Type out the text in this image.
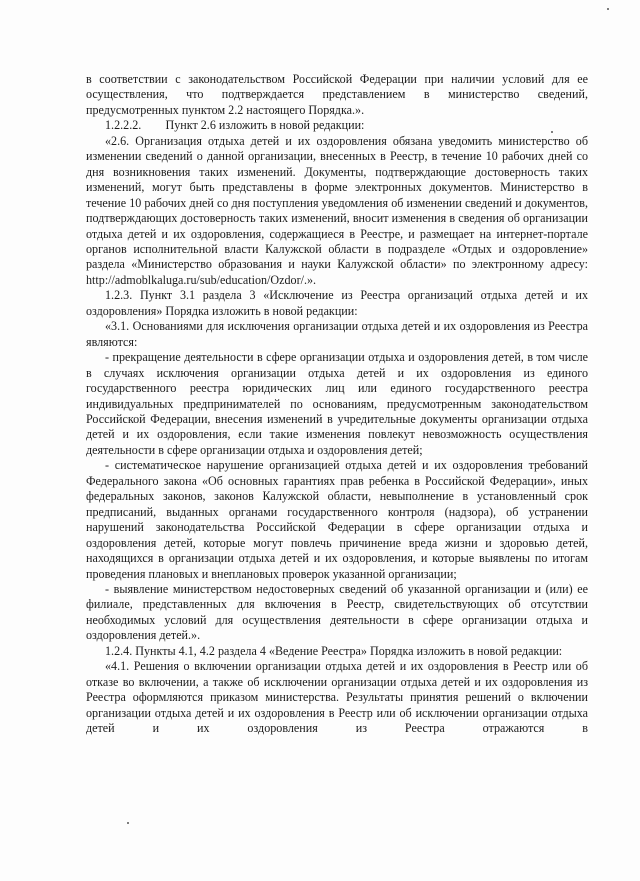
в соответствии с законодательством Российской Федерации при наличии условий для ее осуществления, что подтверждается представлением в министерство сведений, предусмотренных пунктом 2.2 настоящего Порядка.».

1.2.2.2.        Пункт 2.6 изложить в новой редакции:

«2.6. Организация отдыха детей и их оздоровления обязана уведомить министерство об изменении сведений о данной организации, внесенных в Реестр, в течение 10 рабочих дней со дня возникновения таких изменений. Документы, подтверждающие достоверность таких изменений, могут быть представлены в форме электронных документов. Министерство в течение 10 рабочих дней со дня поступления уведомления об изменении сведений и документов, подтверждающих достоверность таких изменений, вносит изменения в сведения об организации отдыха детей и их оздоровления, содержащиеся в Реестре, и размещает на интернет-портале органов исполнительной власти Калужской области в подразделе «Отдых и оздоровление» раздела «Министерство образования и науки Калужской области» по электронному адресу: http://admoblkaluga.ru/sub/education/Ozdor/.».

1.2.3. Пункт 3.1 раздела 3 «Исключение из Реестра организаций отдыха детей и их оздоровления» Порядка изложить в новой редакции:

«3.1. Основаниями для исключения организации отдыха детей и их оздоровления из Реестра являются:

- прекращение деятельности в сфере организации отдыха и оздоровления детей, в том числе в случаях исключения организации отдыха детей и их оздоровления из единого государственного реестра юридических лиц или единого государственного реестра индивидуальных предпринимателей по основаниям, предусмотренным законодательством Российской Федерации, внесения изменений в учредительные документы организации отдыха детей и их оздоровления, если такие изменения повлекут невозможность осуществления деятельности в сфере организации отдыха и оздоровления детей;

- систематическое нарушение организацией отдыха детей и их оздоровления требований Федерального закона «Об основных гарантиях прав ребенка в Российской Федерации», иных федеральных законов, законов Калужской области, невыполнение в установленный срок предписаний, выданных органами государственного контроля (надзора), об устранении нарушений законодательства Российской Федерации в сфере организации отдыха и оздоровления детей, которые могут повлечь причинение вреда жизни и здоровью детей, находящихся в организации отдыха детей и их оздоровления, и которые выявлены по итогам проведения плановых и внеплановых проверок указанной организации;

- выявление министерством недостоверных сведений об указанной организации и (или) ее филиале, представленных для включения в Реестр, свидетельствующих об отсутствии необходимых условий для осуществления деятельности в сфере организации отдыха и оздоровления детей.».

1.2.4. Пункты 4.1, 4.2 раздела 4 «Ведение Реестра» Порядка изложить в новой редакции:

«4.1. Решения о включении организации отдыха детей и их оздоровления в Реестр или об отказе во включении, а также об исключении организации отдыха детей и их оздоровления из Реестра оформляются приказом министерства. Результаты принятия решений о включении организации отдыха детей и их оздоровления в Реестр или об исключении организации отдыха детей и их оздоровления из Реестра отражаются в
